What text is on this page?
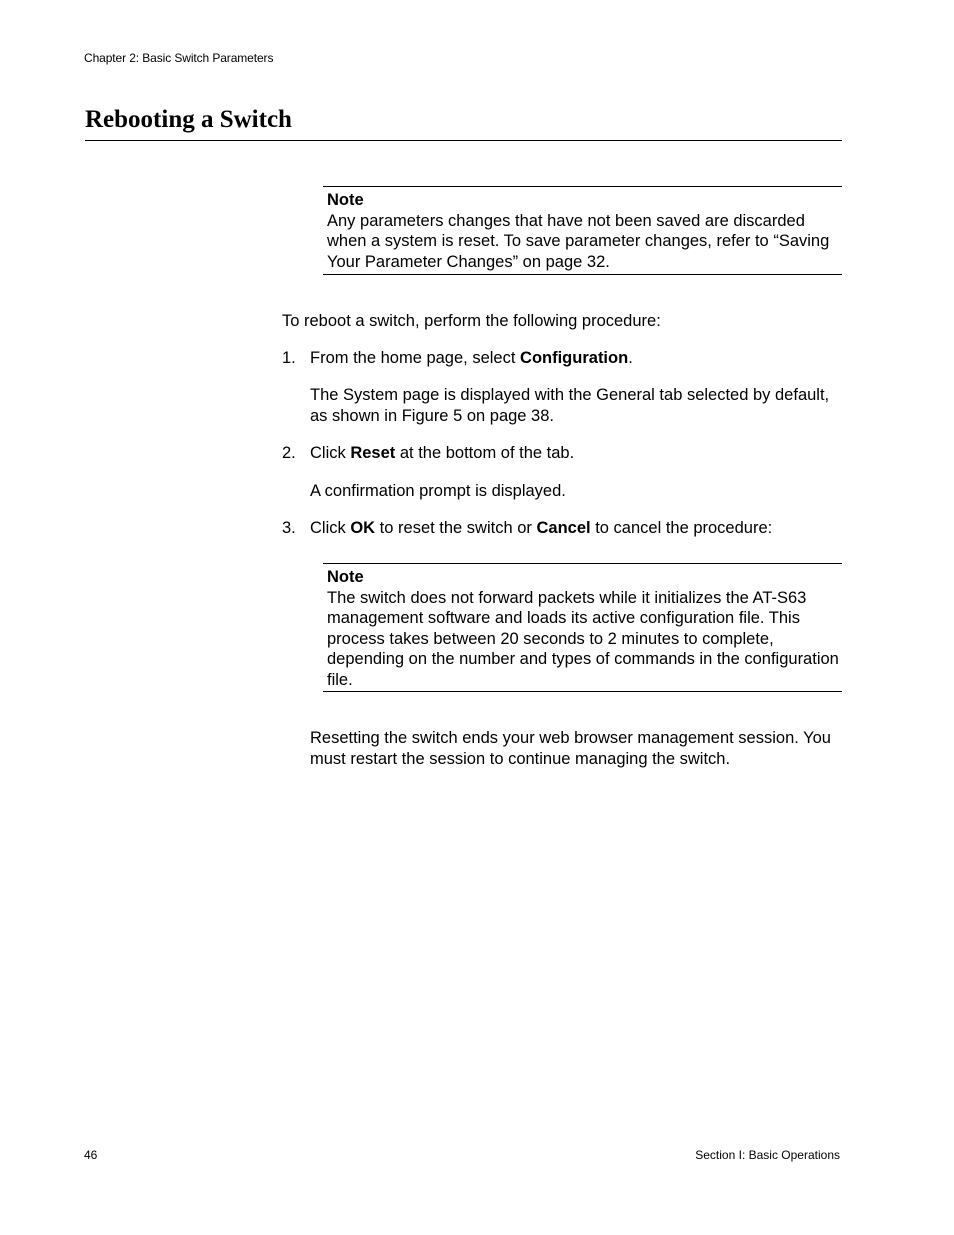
Chapter 2: Basic Switch Parameters
Rebooting a Switch
Note
Any parameters changes that have not been saved are discarded when a system is reset. To save parameter changes, refer to “Saving Your Parameter Changes” on page 32.

To reboot a switch, perform the following procedure:

1. From the home page, select Configuration.

The System page is displayed with the General tab selected by default, as shown in Figure 5 on page 38.

2. Click Reset at the bottom of the tab.

A confirmation prompt is displayed.

3. Click OK to reset the switch or Cancel to cancel the procedure:
Note
The switch does not forward packets while it initializes the AT-S63 management software and loads its active configuration file. This process takes between 20 seconds to 2 minutes to complete, depending on the number and types of commands in the configuration file.

Resetting the switch ends your web browser management session. You must restart the session to continue managing the switch.

46	Section I: Basic Operations
